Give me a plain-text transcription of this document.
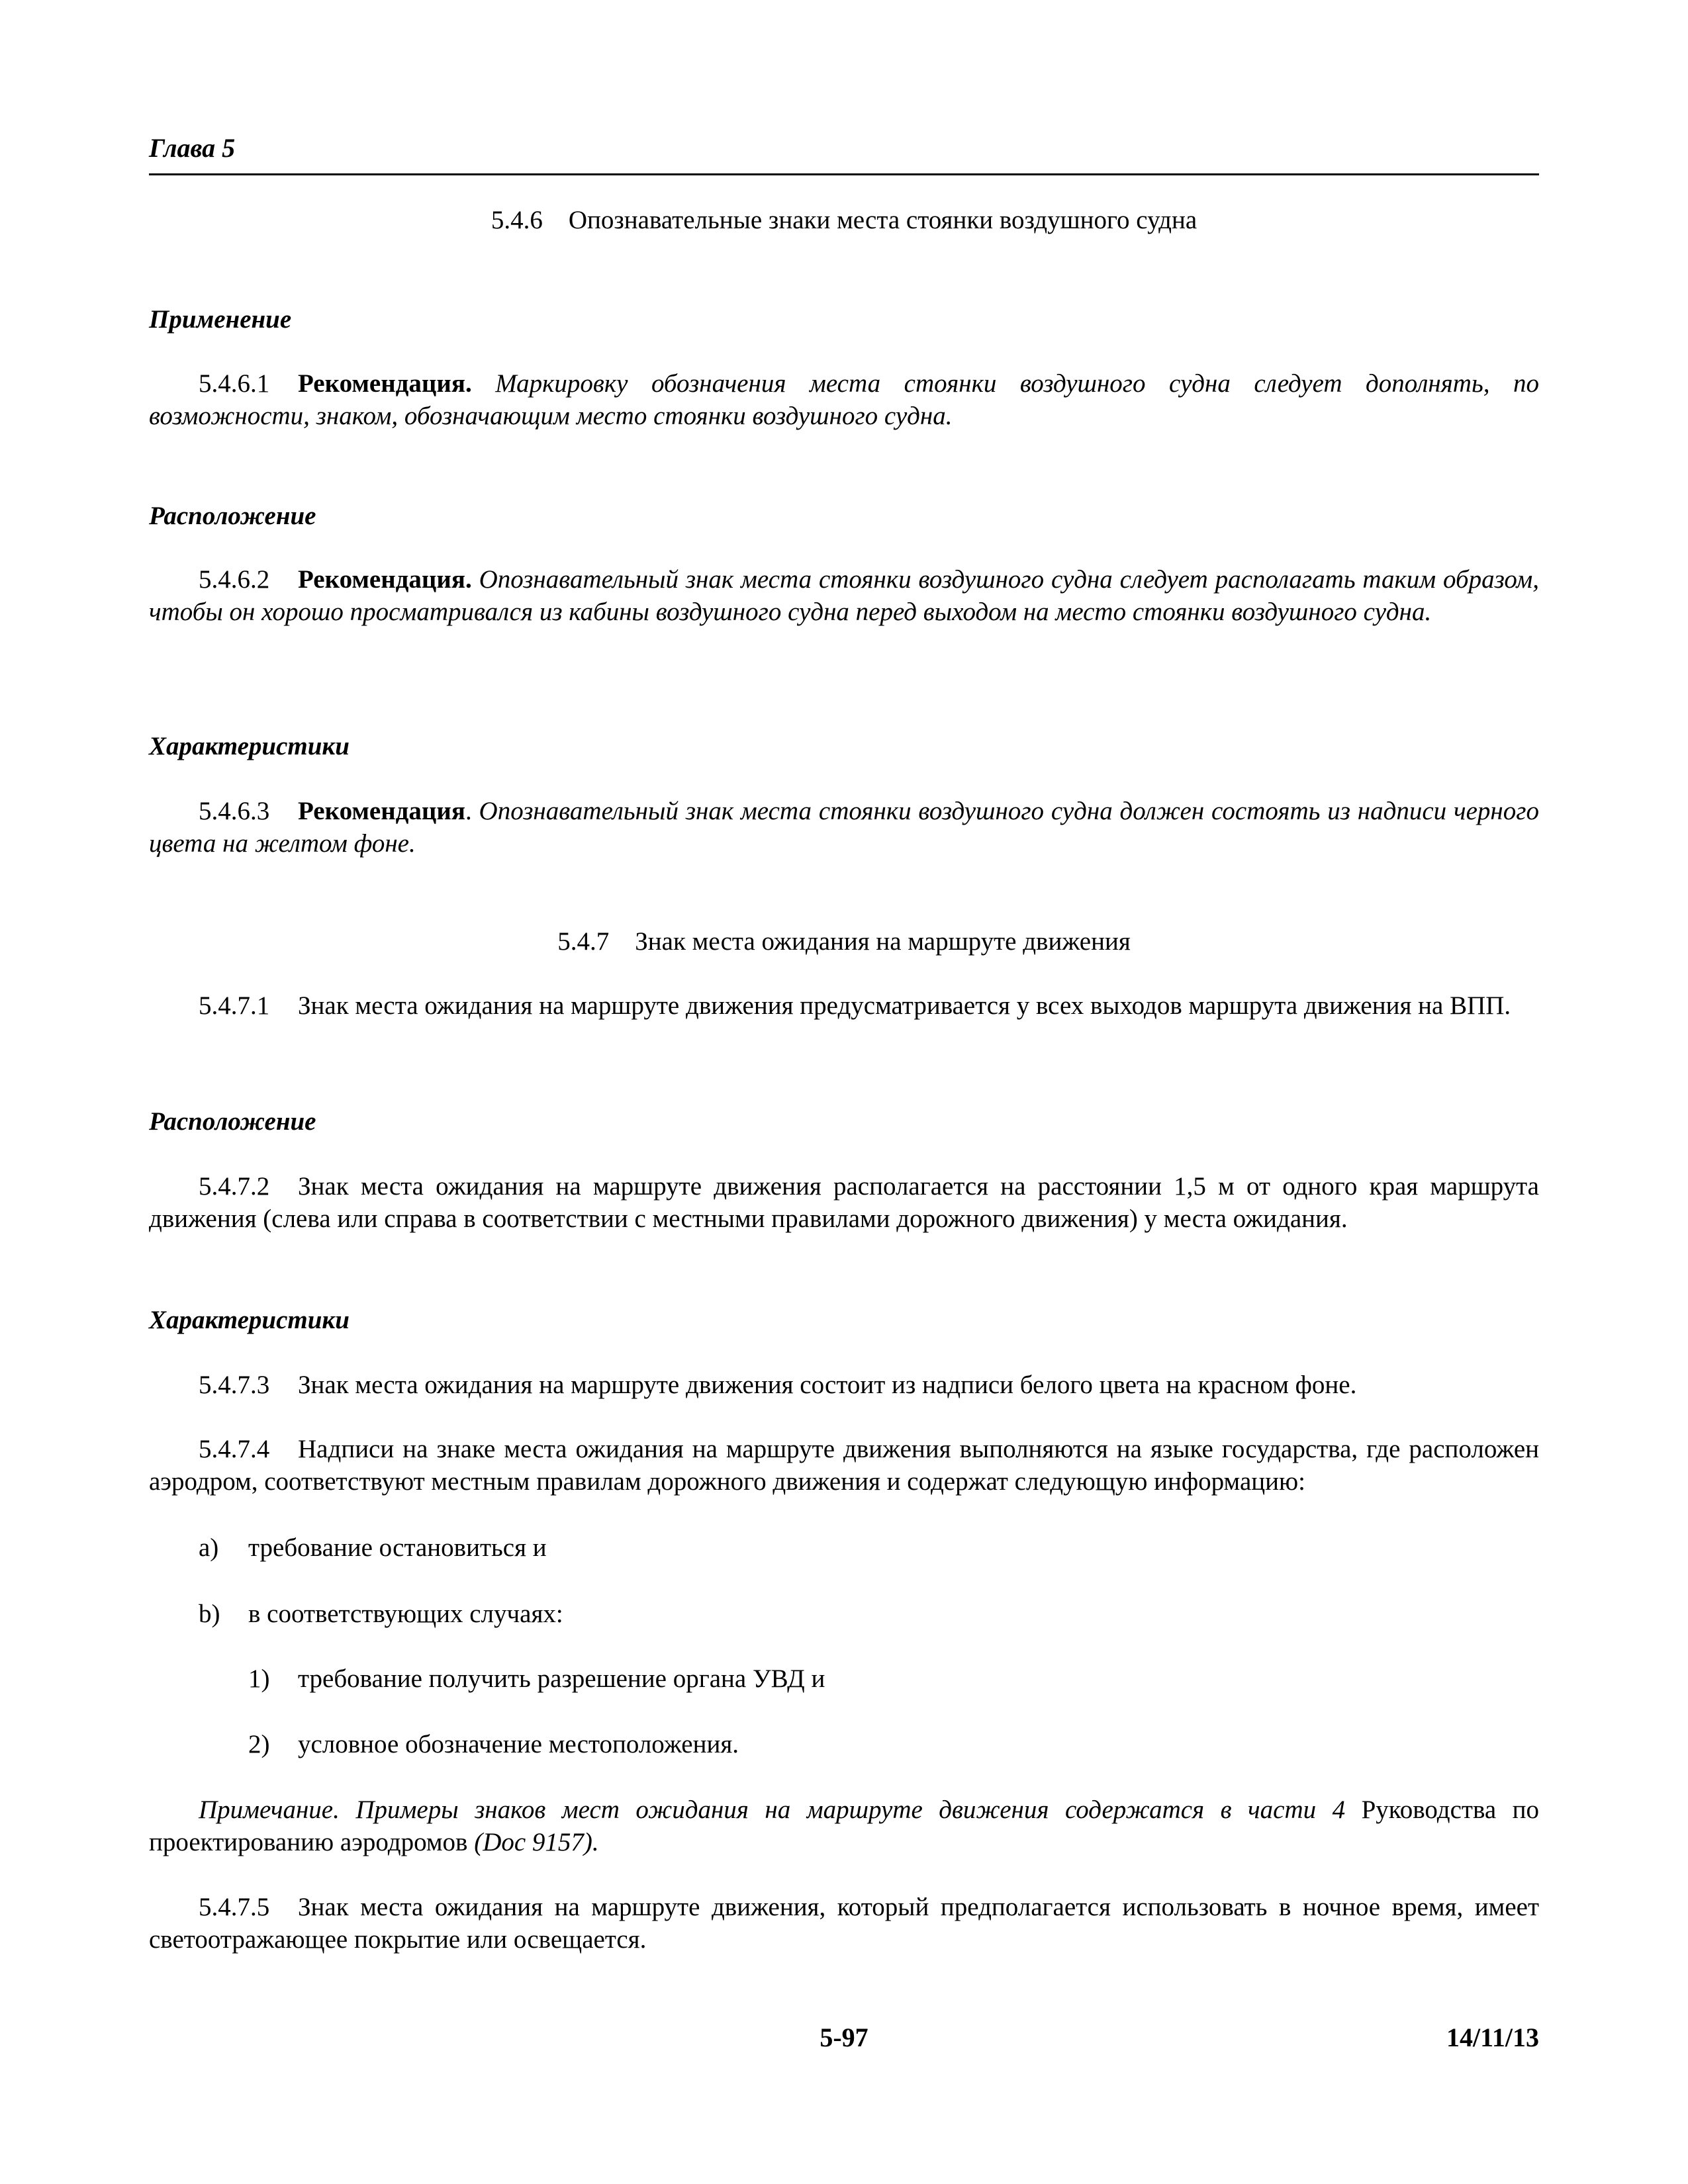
Глава 5

5.4.6 Опознавательные знаки места стоянки воздушного судна

Применение

5.4.6.1 Рекомендация. Маркировку обозначения места стоянки воздушного судна следует дополнять, по возможности, знаком, обозначающим место стоянки воздушного судна.

Расположение

5.4.6.2 Рекомендация. Опознавательный знак места стоянки воздушного судна следует располагать таким образом, чтобы он хорошо просматривался из кабины воздушного судна перед выходом на место стоянки воздушного судна.

Характеристики

5.4.6.3 Рекомендация. Опознавательный знак места стоянки воздушного судна должен состоять из надписи черного цвета на желтом фоне.

5.4.7 Знак места ожидания на маршруте движения

5.4.7.1 Знак места ожидания на маршруте движения предусматривается у всех выходов маршрута движения на ВПП.

Расположение

5.4.7.2 Знак места ожидания на маршруте движения располагается на расстоянии 1,5 м от одного края маршрута движения (слева или справа в соответствии с местными правилами дорожного движения) у места ожидания.

Характеристики

5.4.7.3 Знак места ожидания на маршруте движения состоит из надписи белого цвета на красном фоне.

5.4.7.4 Надписи на знаке места ожидания на маршруте движения выполняются на языке государства, где расположен аэродром, соответствуют местным правилам дорожного движения и содержат следующую информацию:

a) требование остановиться и

b) в соответствующих случаях:

1) требование получить разрешение органа УВД и

2) условное обозначение местоположения.

Примечание. Примеры знаков мест ожидания на маршруте движения содержатся в части 4 Руководства по проектированию аэродромов (Doc 9157).

5.4.7.5 Знак места ожидания на маршруте движения, который предполагается использовать в ночное время, имеет светоотражающее покрытие или освещается.

5-97	14/11/13
